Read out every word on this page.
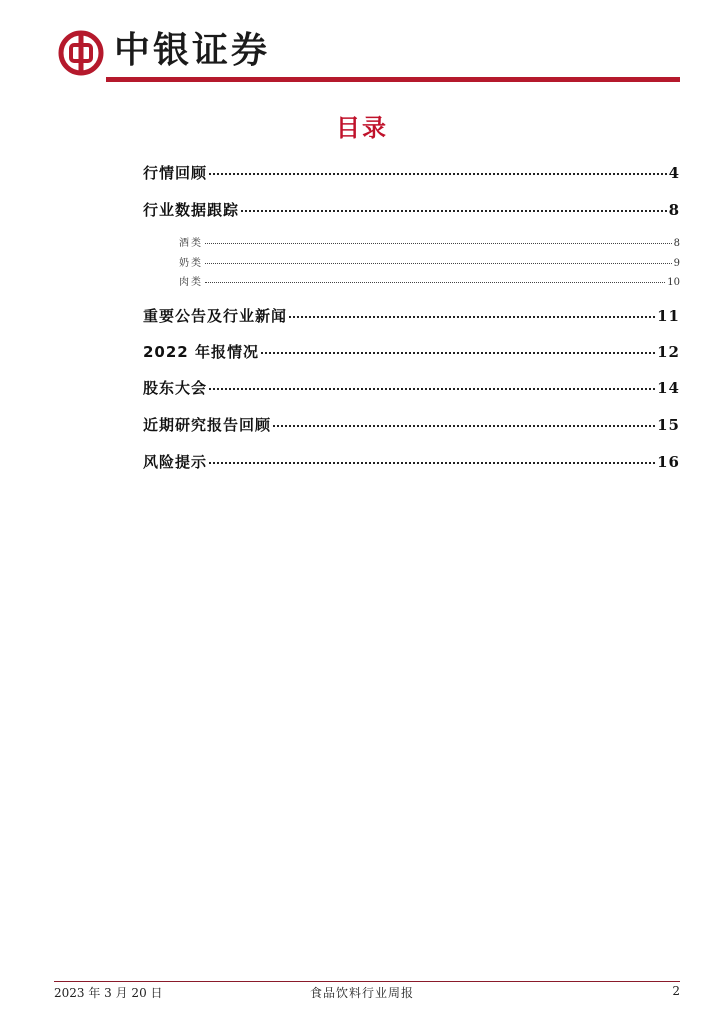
中银证券
目录
行情回顾	4
行业数据跟踪	8
酒类	8
奶类	9
肉类	10
重要公告及行业新闻	11
2022 年报情况	12
股东大会	14
近期研究报告回顾	15
风险提示	16
2023 年 3 月 20 日	食品饮料行业周报	2
